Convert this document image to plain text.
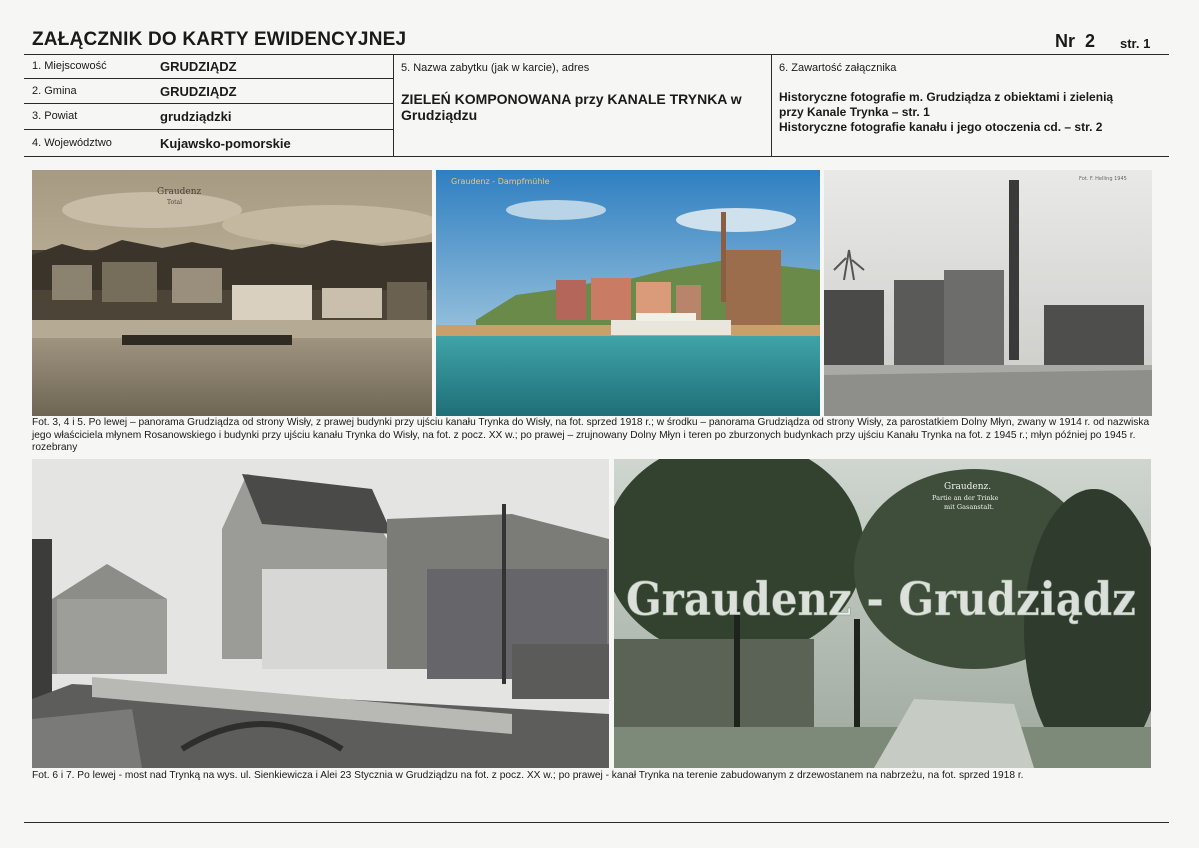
ZAŁĄCZNIK DO KARTY EWIDENCYJNEJ	Nr 2 str. 1
1. Miejscowość	GRUDZIĄDZ
2. Gmina	GRUDZIĄDZ
3. Powiat	grudziądzki
4. Województwo	Kujawsko-pomorskie
5. Nazwa zabytku (jak w karcie), adres
ZIELEŃ KOMPONOWANA przy KANALE TRYNKA w
Grudziądzu
6. Zawartość załącznika
Historyczne fotografie m. Grudziądza z obiektami i zielenią
przy Kanale Trynka – str. 1
Historyczne fotografie kanału i jego otoczenia cd. – str. 2
Graudenz
Total
Graudenz - Dampfmühle	Fot. F. Helling 1945
Fot. 3, 4 i 5. Po lewej – panorama Grudziądza od strony Wisły, z prawej budynki przy ujściu kanału Trynka do Wisły, na fot. sprzed 1918 r.; w środku – panorama Grudziądza od strony Wisły, za parostatkiem Dolny Młyn, zwany w 1914 r. od nazwiska jego właściciela młynem Rosanowskiego i budynki przy ujściu kanału Trynka do Wisły, na fot. z pocz. XX w.; po prawej – zrujnowany Dolny Młyn i teren po zburzonych budynkach przy ujściu Kanału Trynka na fot. z 1945 r.; młyn później po 1945 r. rozebrany
Graudenz.
Partie an der Trinke
mit Gasanstalt.
Graudenz - Grudziądz
Fot. 6 i 7. Po lewej - most nad Trynką na wys. ul. Sienkiewicza i Alei 23 Stycznia w Grudziądzu na fot. z pocz. XX w.; po prawej - kanał Trynka na terenie zabudowanym z drzewostanem na nabrzeżu, na fot. sprzed 1918 r.
